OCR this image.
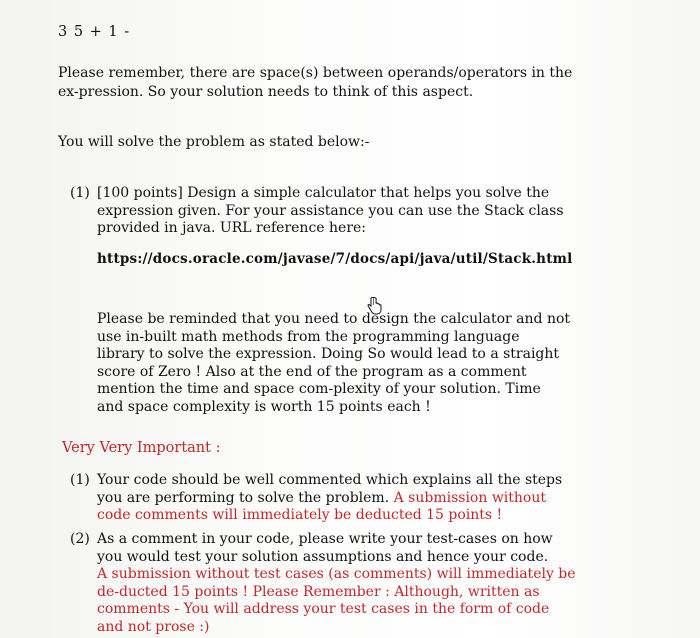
3 5 + 1 -
Please remember, there are space(s) between operands/operators in the ex-pression. So your solution needs to think of this aspect.
You will solve the problem as stated below:-
(1) [100 points] Design a simple calculator that helps you solve the expression given. For your assistance you can use the Stack class provided in java. URL reference here:
https://docs.oracle.com/javase/7/docs/api/java/util/Stack.html
Please be reminded that you need to design the calculator and not use in-built math methods from the programming language library to solve the expression. Doing So would lead to a straight score of Zero ! Also at the end of the program as a comment mention the time and space com-plexity of your solution. Time and space complexity is worth 15 points each !
Very Very Important :
(1) Your code should be well commented which explains all the steps you are performing to solve the problem. A submission without code comments will immediately be deducted 15 points !
(2) As a comment in your code, please write your test-cases on how you would test your solution assumptions and hence your code.
A submission without test cases (as comments) will immediately be de-ducted 15 points ! Please Remember : Although, written as comments - You will address your test cases in the form of code and not prose :)
